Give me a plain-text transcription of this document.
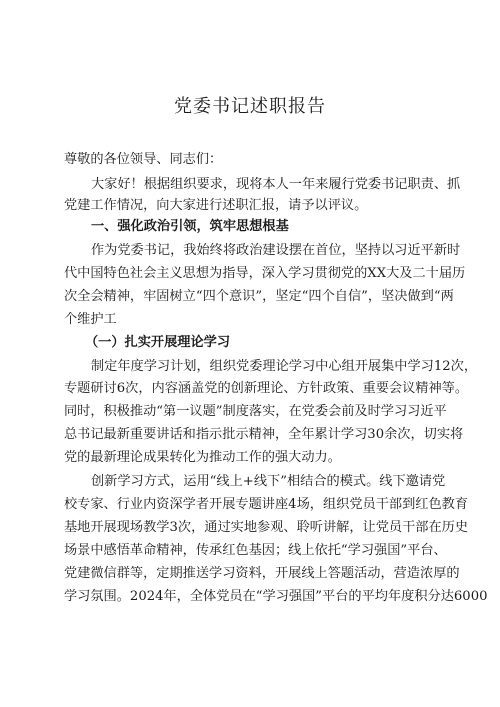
党委书记述职报告
尊敬的各位领导、同志们：
大家好！根据组织要求，现将本人一年来履行党委书记职责、抓
党建工作情况，向大家进行述职汇报，请予以评议。
一、强化政治引领，筑牢思想根基
作为党委书记，我始终将政治建设摆在首位，坚持以习近平新时
代中国特色社会主义思想为指导，深入学习贯彻党的XX大及二十届历
次全会精神，牢固树立“四个意识”，坚定“四个自信”，坚决做到“两
个维护工
（一）扎实开展理论学习
制定年度学习计划，组织党委理论学习中心组开展集中学习12次，
专题研讨6次，内容涵盖党的创新理论、方针政策、重要会议精神等。
同时，积极推动“第一议题”制度落实，在党委会前及时学习习近平
总书记最新重要讲话和指示批示精神，全年累计学习30余次，切实将
党的最新理论成果转化为推动工作的强大动力。
创新学习方式，运用“线上+线下”相结合的模式。线下邀请党
校专家、行业内资深学者开展专题讲座4场，组织党员干部到红色教育
基地开展现场教学3次，通过实地参观、聆听讲解，让党员干部在历史
场景中感悟革命精神，传承红色基因；线上依托“学习强国”平台、
党建微信群等，定期推送学习资料，开展线上答题活动，营造浓厚的
学习氛围。2024年，全体党员在“学习强国”平台的平均年度积分达6000
